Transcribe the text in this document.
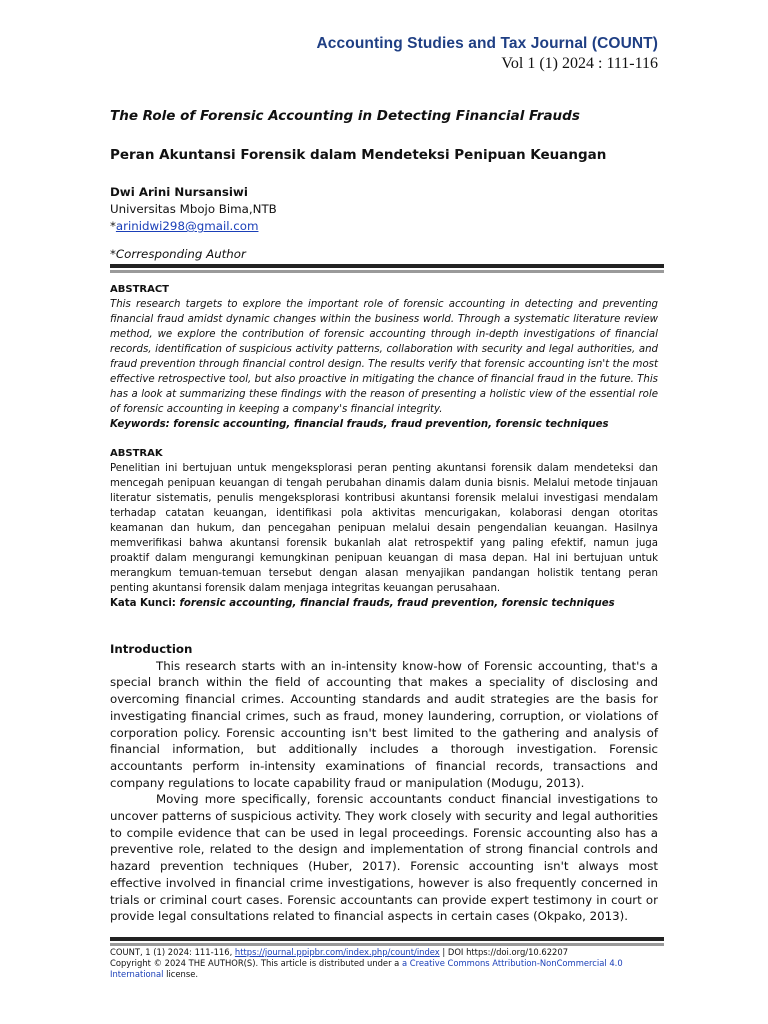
Accounting Studies and Tax Journal (COUNT)
Vol 1 (1) 2024 : 111-116
The Role of Forensic Accounting in Detecting Financial Frauds
Peran Akuntansi Forensik dalam Mendeteksi Penipuan Keuangan
Dwi Arini Nursansiwi
Universitas Mbojo Bima,NTB
*arinidwi298@gmail.com
*Corresponding Author
ABSTRACT
This research targets to explore the important role of forensic accounting in detecting and preventing financial fraud amidst dynamic changes within the business world. Through a systematic literature review method, we explore the contribution of forensic accounting through in-depth investigations of financial records, identification of suspicious activity patterns, collaboration with security and legal authorities, and fraud prevention through financial control design. The results verify that forensic accounting isn't the most effective retrospective tool, but also proactive in mitigating the chance of financial fraud in the future. This has a look at summarizing these findings with the reason of presenting a holistic view of the essential role of forensic accounting in keeping a company's financial integrity.
Keywords: forensic accounting, financial frauds, fraud prevention, forensic techniques
ABSTRAK
Penelitian ini bertujuan untuk mengeksplorasi peran penting akuntansi forensik dalam mendeteksi dan mencegah penipuan keuangan di tengah perubahan dinamis dalam dunia bisnis. Melalui metode tinjauan literatur sistematis, penulis mengeksplorasi kontribusi akuntansi forensik melalui investigasi mendalam terhadap catatan keuangan, identifikasi pola aktivitas mencurigakan, kolaborasi dengan otoritas keamanan dan hukum, dan pencegahan penipuan melalui desain pengendalian keuangan. Hasilnya memverifikasi bahwa akuntansi forensik bukanlah alat retrospektif yang paling efektif, namun juga proaktif dalam mengurangi kemungkinan penipuan keuangan di masa depan. Hal ini bertujuan untuk merangkum temuan-temuan tersebut dengan alasan menyajikan pandangan holistik tentang peran penting akuntansi forensik dalam menjaga integritas keuangan perusahaan.
Kata Kunci: forensic accounting, financial frauds, fraud prevention, forensic techniques
Introduction

This research starts with an in-intensity know-how of Forensic accounting, that's a special branch within the field of accounting that makes a speciality of disclosing and overcoming financial crimes. Accounting standards and audit strategies are the basis for investigating financial crimes, such as fraud, money laundering, corruption, or violations of corporation policy. Forensic accounting isn't best limited to the gathering and analysis of financial information, but additionally includes a thorough investigation. Forensic accountants perform in-intensity examinations of financial records, transactions and company regulations to locate capability fraud or manipulation (Modugu, 2013).

Moving more specifically, forensic accountants conduct financial investigations to uncover patterns of suspicious activity. They work closely with security and legal authorities to compile evidence that can be used in legal proceedings. Forensic accounting also has a preventive role, related to the design and implementation of strong financial controls and hazard prevention techniques (Huber, 2017). Forensic accounting isn't always most effective involved in financial crime investigations, however is also frequently concerned in trials or criminal court cases. Forensic accountants can provide expert testimony in court or provide legal consultations related to financial aspects in certain cases (Okpako, 2013).

COUNT, 1 (1) 2024: 111-116, https://journal.ppipbr.com/index.php/count/index | DOI https://doi.org/10.62207
Copyright © 2024 THE AUTHOR(S). This article is distributed under a a Creative Commons Attribution-NonCommercial 4.0 International license.
